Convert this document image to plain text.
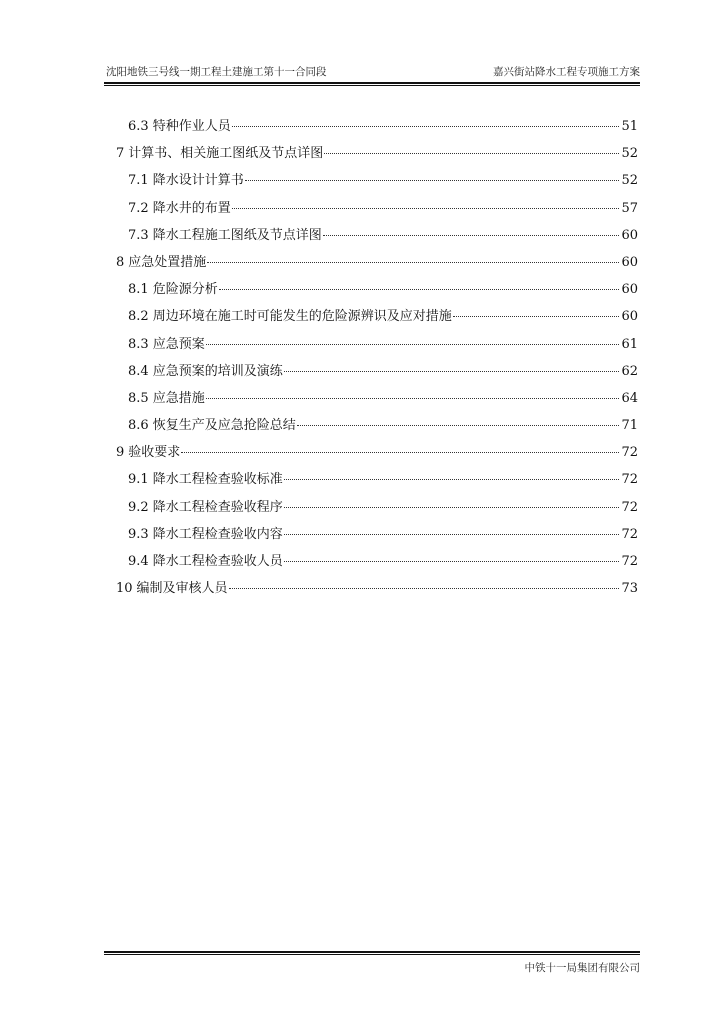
沈阳地铁三号线一期工程土建施工第十一合同段	嘉兴街站降水工程专项施工方案
6.3 特种作业人员	51
7 计算书、相关施工图纸及节点详图	52
7.1 降水设计计算书	52
7.2 降水井的布置	57
7.3 降水工程施工图纸及节点详图	60
8 应急处置措施	60
8.1 危险源分析	60
8.2 周边环境在施工时可能发生的危险源辨识及应对措施	60
8.3 应急预案	61
8.4 应急预案的培训及演练	62
8.5 应急措施	64
8.6 恢复生产及应急抢险总结	71
9 验收要求	72
9.1 降水工程检查验收标准	72
9.2 降水工程检查验收程序	72
9.3 降水工程检查验收内容	72
9.4 降水工程检查验收人员	72
10 编制及审核人员	73
中铁十一局集团有限公司
